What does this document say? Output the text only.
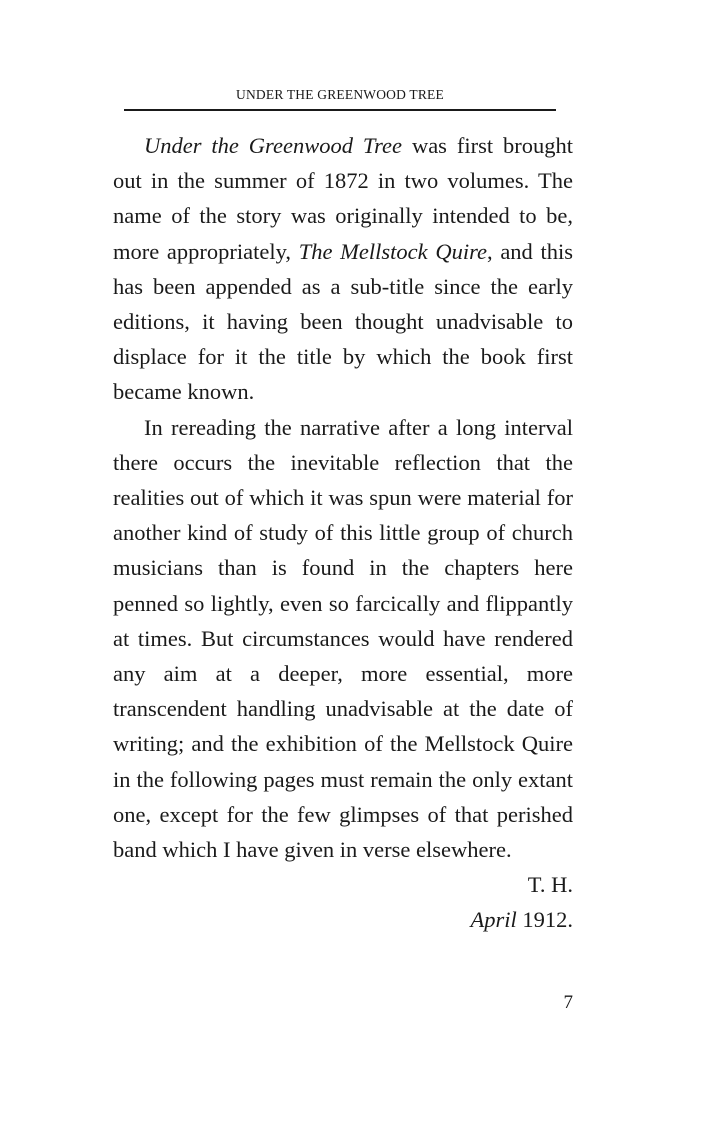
UNDER THE GREENWOOD TREE

Under the Greenwood Tree was first brought out in the summer of 1872 in two volumes. The name of the story was originally intended to be, more appropriately, The Mellstock Quire, and this has been appended as a sub-title since the early editions, it having been thought unadvisable to displace for it the title by which the book first became known.

In rereading the narrative after a long interval there occurs the inevitable reflection that the realities out of which it was spun were material for another kind of study of this little group of church musicians than is found in the chapters here penned so lightly, even so farcically and flippantly at times. But circumstances would have rendered any aim at a deeper, more essential, more transcendent handling unadvisable at the date of writing; and the exhibition of the Mellstock Quire in the following pages must remain the only extant one, except for the few glimpses of that perished band which I have given in verse elsewhere.

T. H.

April 1912.

7
